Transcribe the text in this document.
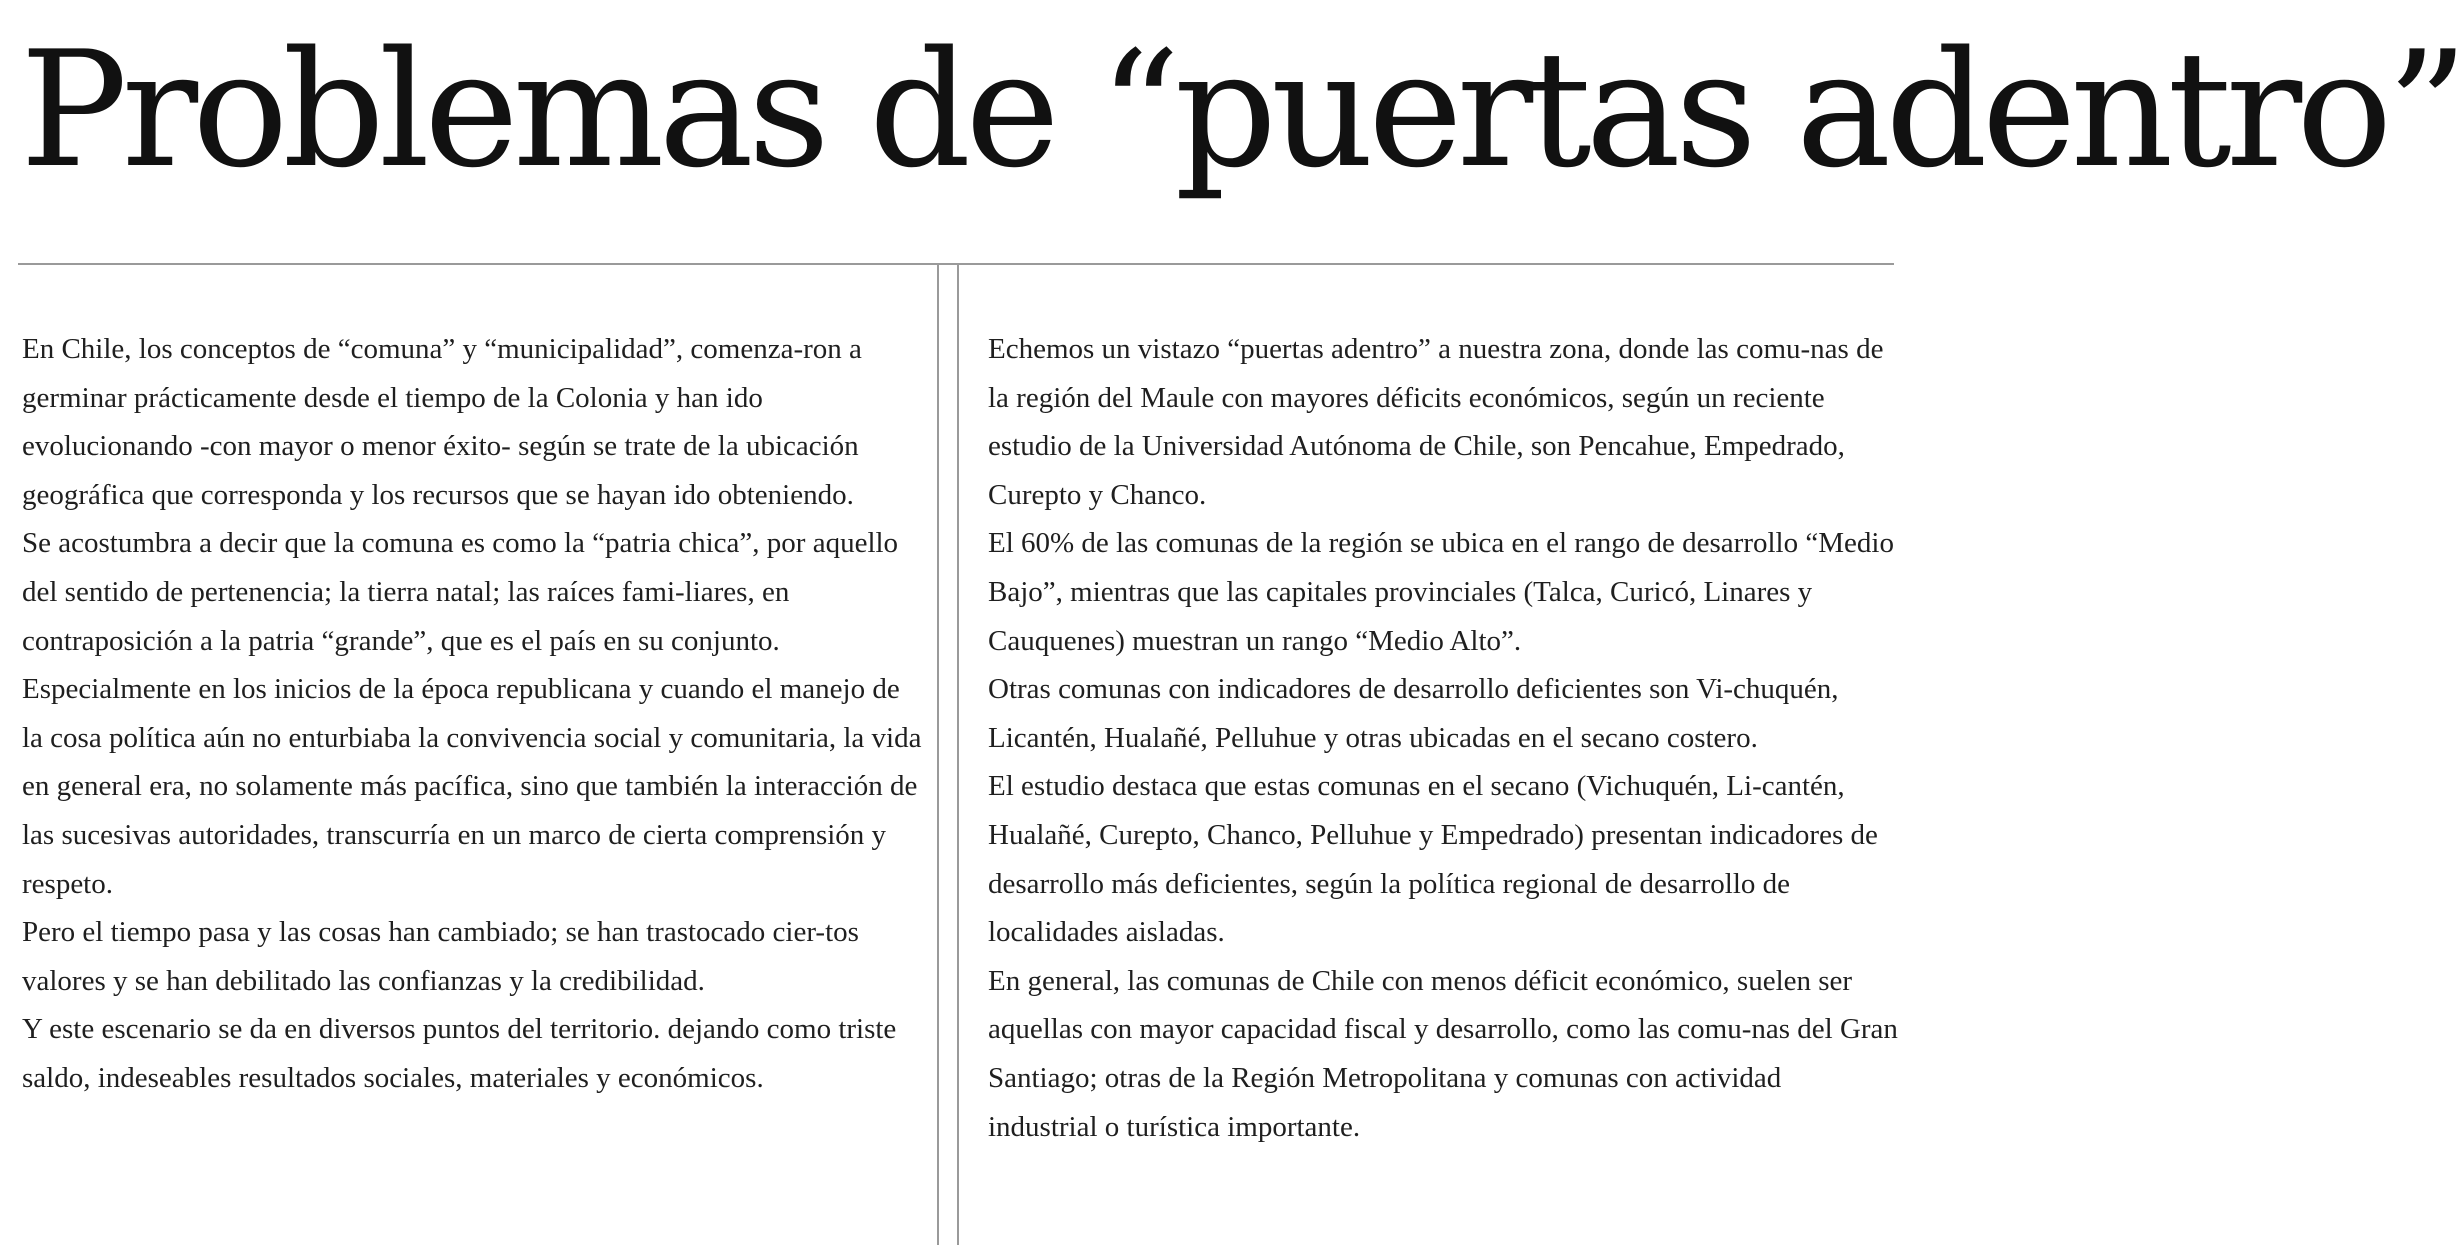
Problemas de “puertas adentro”

En Chile, los conceptos de “comuna” y “municipalidad”, comenza-ron a germinar prácticamente desde el tiempo de la Colonia y han ido evolucionando -con mayor o menor éxito- según se trate de la ubicación geográfica que corresponda y los recursos que se hayan ido obteniendo.

Se acostumbra a decir que la comuna es como la “patria chica”, por aquello del sentido de pertenencia; la tierra natal; las raíces fami-liares, en contraposición a la patria “grande”, que es el país en su conjunto.

Especialmente en los inicios de la época republicana y cuando el manejo de la cosa política aún no enturbiaba la convivencia social y comunitaria, la vida en general era, no solamente más pacífica, sino que también la interacción de las sucesivas autoridades, transcurría en un marco de cierta comprensión y respeto.

Pero el tiempo pasa y las cosas han cambiado; se han trastocado cier-tos valores y se han debilitado las confianzas y la credibilidad.

Y este escenario se da en diversos puntos del territorio. dejando como triste saldo, indeseables resultados sociales, materiales y económicos.

Echemos un vistazo “puertas adentro” a nuestra zona, donde las comu-nas de la región del Maule con mayores déficits económicos, según un reciente estudio de la Universidad Autónoma de Chile, son Pencahue, Empedrado, Curepto y Chanco.

El 60% de las comunas de la región se ubica en el rango de desarrollo “Medio Bajo”, mientras que las capitales provinciales (Talca, Curicó, Linares y Cauquenes) muestran un rango “Medio Alto”.

Otras comunas con indicadores de desarrollo deficientes son Vi-chuquén, Licantén, Hualañé, Pelluhue y otras ubicadas en el secano costero.

El estudio destaca que estas comunas en el secano (Vichuquén, Li-cantén, Hualañé, Curepto, Chanco, Pelluhue y Empedrado) presentan indicadores de desarrollo más deficientes, según la política regional de desarrollo de localidades aisladas.

En general, las comunas de Chile con menos déficit económico, suelen ser aquellas con mayor capacidad fiscal y desarrollo, como las comu-nas del Gran Santiago; otras de la Región Metropolitana y comunas con actividad industrial o turística importante.
